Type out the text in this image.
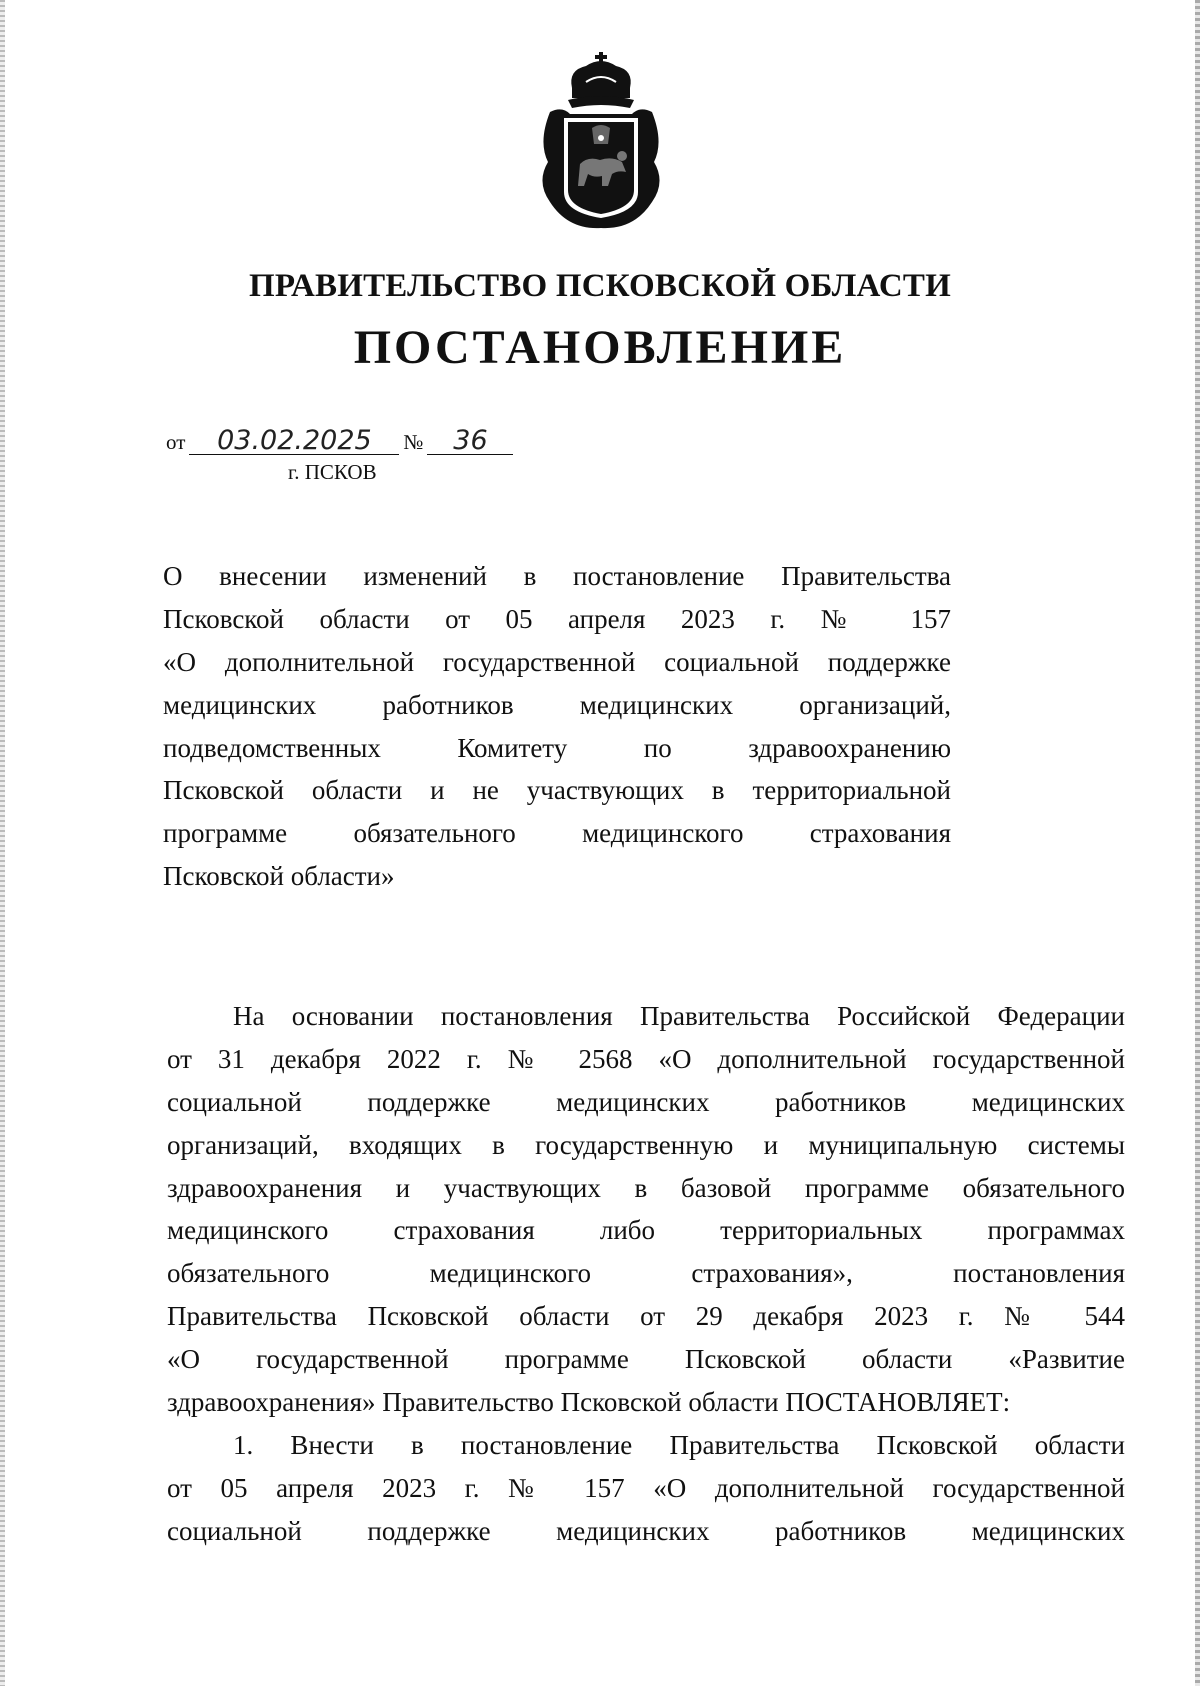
ПРАВИТЕЛЬСТВО ПСКОВСКОЙ ОБЛАСТИ
ПОСТАНОВЛЕНИЕ
от 03.02.2025 № 36
г. ПСКОВ
О внесении изменений в постановление Правительства
Псковской области от 05 апреля 2023 г. № 157
«О дополнительной государственной социальной поддержке
медицинских работников медицинских организаций,
подведомственных Комитету по здравоохранению
Псковской области и не участвующих в территориальной
программе обязательного медицинского страхования
Псковской области»
На основании постановления Правительства Российской Федерации
от 31 декабря 2022 г. № 2568 «О дополнительной государственной
социальной поддержке медицинских работников медицинских
организаций, входящих в государственную и муниципальную системы
здравоохранения и участвующих в базовой программе обязательного
медицинского страхования либо территориальных программах
обязательного медицинского страхования», постановления
Правительства Псковской области от 29 декабря 2023 г. № 544
«О государственной программе Псковской области «Развитие
здравоохранения» Правительство Псковской области ПОСТАНОВЛЯЕТ:
1. Внести в постановление Правительства Псковской области
от 05 апреля 2023 г. № 157 «О дополнительной государственной
социальной поддержке медицинских работников медицинских
